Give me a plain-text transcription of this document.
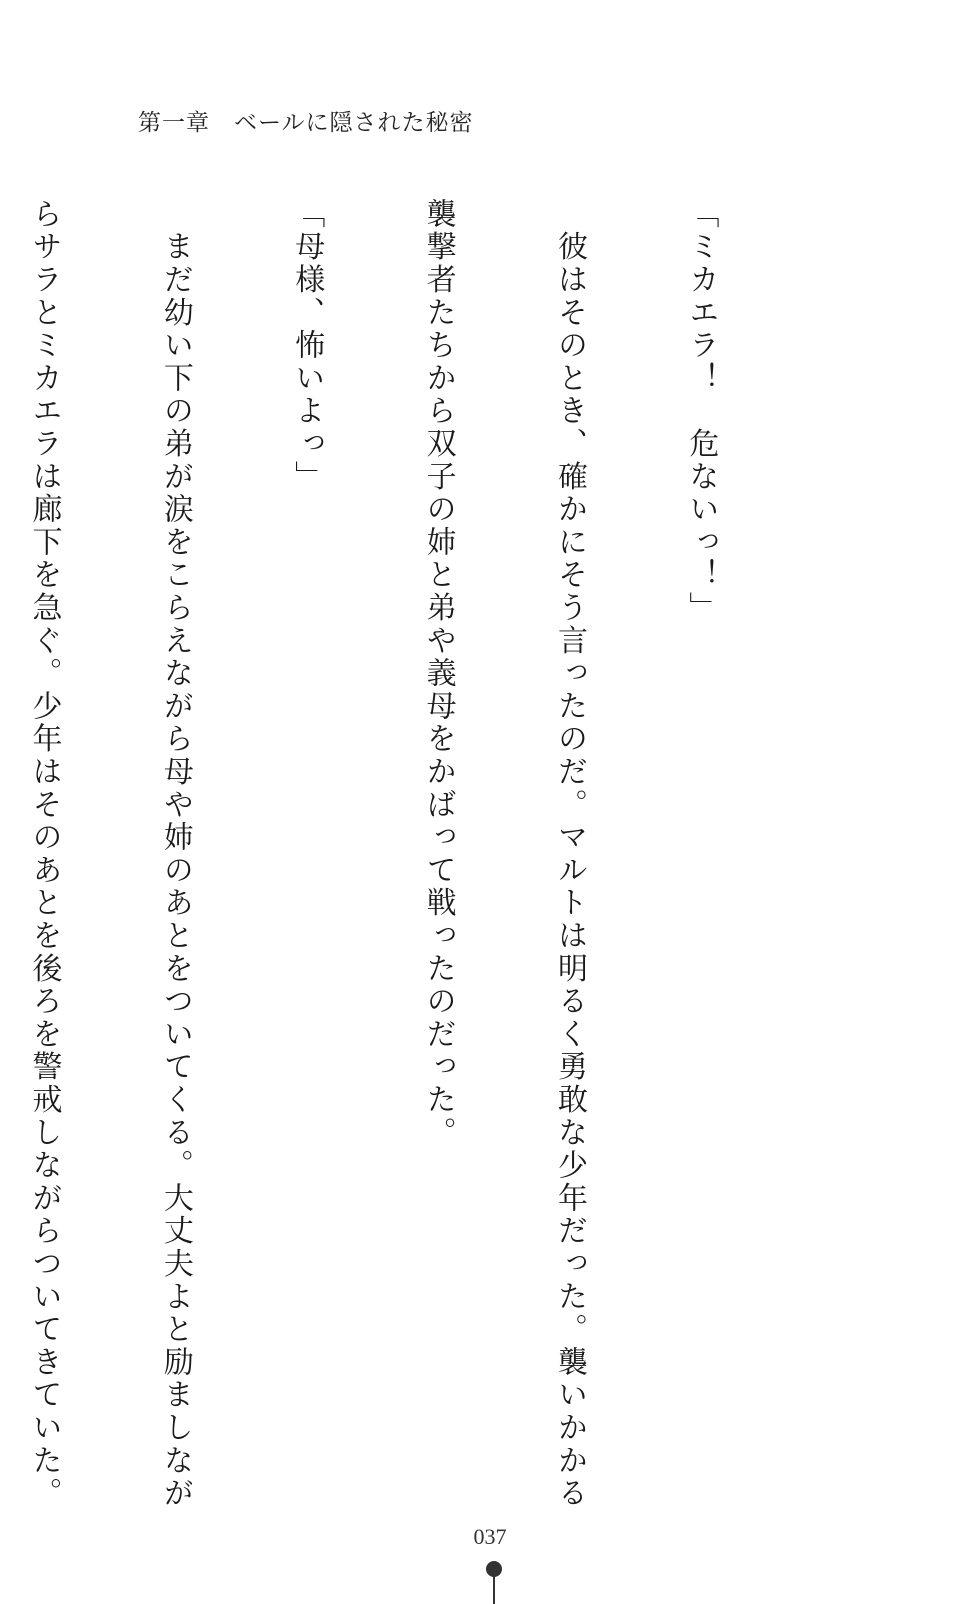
第一章　ベールに隠された秘密

「ミカエラ！　危ないっ！」

　彼はそのとき、確かにそう言ったのだ。マルトは明るく勇敢な少年だった。襲いかかる

襲撃者たちから双子の姉と弟や義母をかばって戦ったのだった。

「母様、怖いよっ」

　まだ幼い下の弟が涙をこらえながら母や姉のあとをついてくる。大丈夫よと励ましなが

らサラとミカエラは廊下を急ぐ。少年はそのあとを後ろを警戒しながらついてきていた。

037
